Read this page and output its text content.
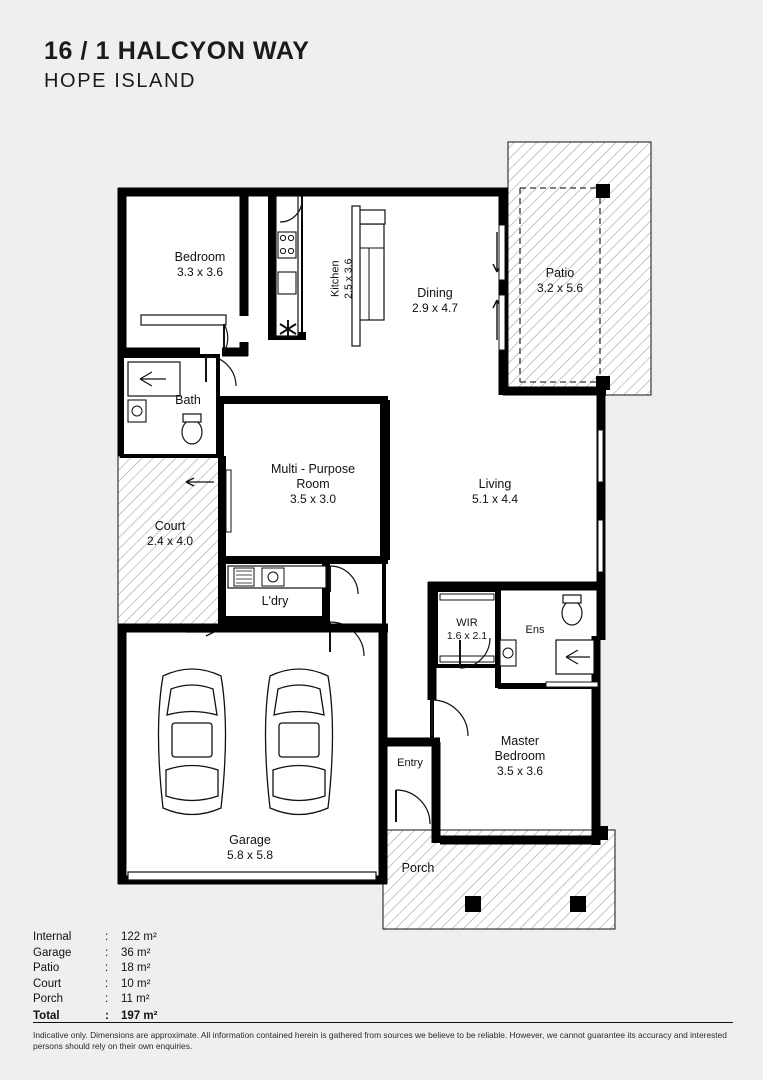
16 / 1 HALCYON WAY
HOPE ISLAND
Bedroom
3.3 x 3.6	Kitchen 2.5 x 3.6	Dining
2.9 x 4.7
Patio
3.2 x 5.6
Bath
Multi - Purpose
Room
3.5 x 3.0
Court
2.4 x 4.0
Living
5.1 x 4.4
L'dry
WIR
1.6 x 2.1	Ens
Master
Bedroom
3.5 x 3.6
Entry
Garage
5.8 x 5.8
Porch
Internal	:	122 m²
Garage	:	36 m²
Patio	:	18 m²
Court	:	10 m²
Porch	:	11 m²
Total	:	197 m²
Indicative only. Dimensions are approximate. All information contained herein is gathered from sources we believe to be reliable. However, we cannot guarantee its accuracy and interested persons should rely on their own enquiries.
